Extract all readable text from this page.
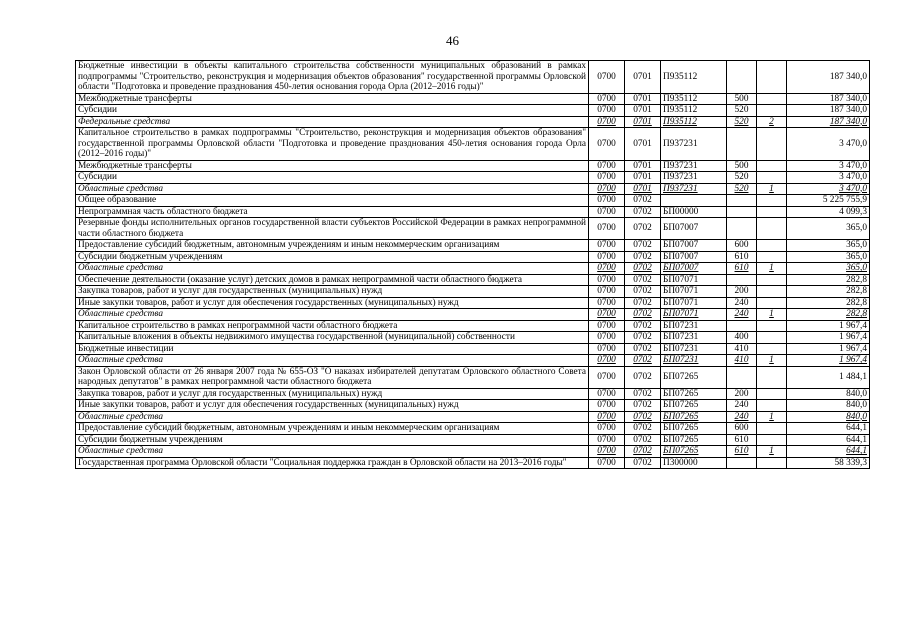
46
Бюджетные инвестиции в объекты капитального строительства собственности муниципальных образований в рамках подпрограммы "Строительство, реконструкция и модернизация объектов образования" государственной программы Орловской области "Подготовка и проведение празднования 450-летия основания города Орла (2012–2016 годы)"	0700	0701	П935112			187 340,0
Межбюджетные трансферты	0700	0701	П935112	500		187 340,0
Субсидии	0700	0701	П935112	520		187 340,0
Федеральные средства	0700	0701	П935112	520	2	187 340,0
Капитальное строительство в рамках подпрограммы "Строительство, реконструкция и модернизация объектов образования" государственной программы Орловской области "Подготовка и проведение празднования 450-летия основания города Орла (2012–2016 годы)"	0700	0701	П937231			3 470,0
Межбюджетные трансферты	0700	0701	П937231	500		3 470,0
Субсидии	0700	0701	П937231	520		3 470,0
Областные средства	0700	0701	П937231	520	1	3 470,0
Общее образование	0700	0702				5 225 755,9
Непрограммная часть областного бюджета	0700	0702	БП00000			4 099,3
Резервные фонды исполнительных органов государственной власти субъектов Российской Федерации в рамках непрограммной части областного бюджета	0700	0702	БП07007			365,0
Предоставление субсидий бюджетным, автономным учреждениям и иным некоммерческим организациям	0700	0702	БП07007	600		365,0
Субсидии бюджетным учреждениям	0700	0702	БП07007	610		365,0
Областные средства	0700	0702	БП07007	610	1	365,0
Обеспечение деятельности (оказание услуг) детских домов в рамках непрограммной части областного бюджета	0700	0702	БП07071			282,8
Закупка товаров, работ и услуг для государственных (муниципальных) нужд	0700	0702	БП07071	200		282,8
Иные закупки товаров, работ и услуг для обеспечения государственных (муниципальных) нужд	0700	0702	БП07071	240		282,8
Областные средства	0700	0702	БП07071	240	1	282,8
Капитальное строительство в рамках непрограммной части областного бюджета	0700	0702	БП07231			1 967,4
Капитальные вложения в объекты недвижимого имущества государственной (муниципальной) собственности	0700	0702	БП07231	400		1 967,4
Бюджетные инвестиции	0700	0702	БП07231	410		1 967,4
Областные средства	0700	0702	БП07231	410	1	1 967,4
Закон Орловской области от 26 января 2007 года № 655-ОЗ "О наказах избирателей депутатам Орловского областного Совета народных депутатов" в рамках непрограммной части областного бюджета	0700	0702	БП07265			1 484,1
Закупка товаров, работ и услуг для государственных (муниципальных) нужд	0700	0702	БП07265	200		840,0
Иные закупки товаров, работ и услуг для обеспечения государственных (муниципальных) нужд	0700	0702	БП07265	240		840,0
Областные средства	0700	0702	БП07265	240	1	840,0
Предоставление субсидий бюджетным, автономным учреждениям и иным некоммерческим организациям	0700	0702	БП07265	600		644,1
Субсидии бюджетным учреждениям	0700	0702	БП07265	610		644,1
Областные средства	0700	0702	БП07265	610	1	644,1
Государственная программа Орловской области "Социальная поддержка граждан в Орловской области на 2013–2016 годы"	0700	0702	П300000			58 339,3
